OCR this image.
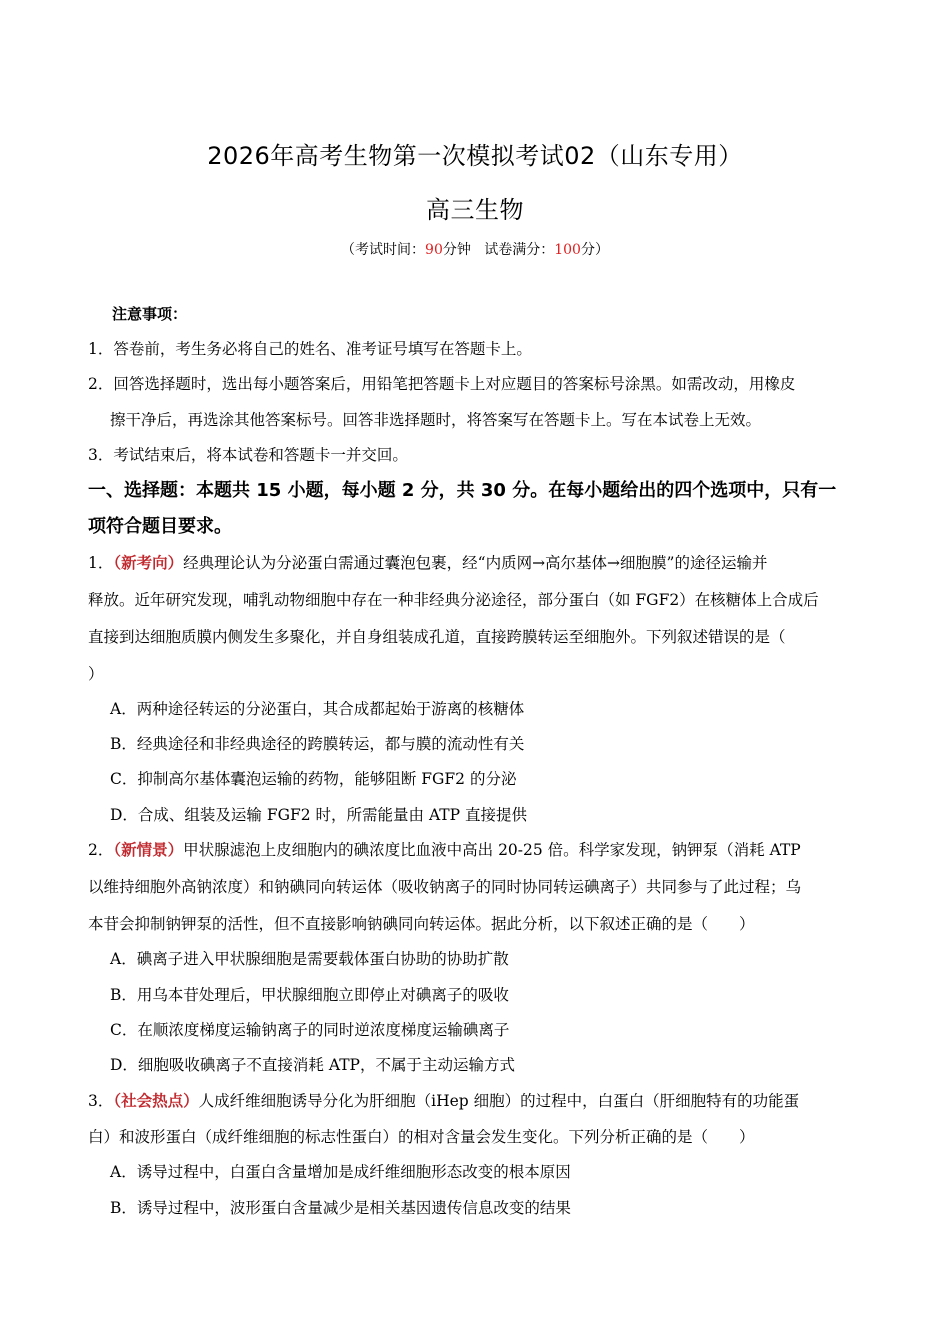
2026年高考生物第一次模拟考试02（山东专用）
高三生物
（考试时间：90分钟 试卷满分：100分）
注意事项：
1．答卷前，考生务必将自己的姓名、准考证号填写在答题卡上。
2．回答选择题时，选出每小题答案后，用铅笔把答题卡上对应题目的答案标号涂黑。如需改动，用橡皮
擦干净后，再选涂其他答案标号。回答非选择题时，将答案写在答题卡上。写在本试卷上无效。
3．考试结束后，将本试卷和答题卡一并交回。
一、选择题：本题共 15 小题，每小题 2 分，共 30 分。在每小题给出的四个选项中，只有一
项符合题目要求。
1．（新考向）经典理论认为分泌蛋白需通过囊泡包裹，经“内质网→高尔基体→细胞膜”的途径运输并
释放。近年研究发现，哺乳动物细胞中存在一种非经典分泌途径，部分蛋白（如 FGF2）在核糖体上合成后
直接到达细胞质膜内侧发生多聚化，并自身组装成孔道，直接跨膜转运至细胞外。下列叙述错误的是（
）
A．两种途径转运的分泌蛋白，其合成都起始于游离的核糖体
B．经典途径和非经典途径的跨膜转运，都与膜的流动性有关
C．抑制高尔基体囊泡运输的药物，能够阻断 FGF2 的分泌
D．合成、组装及运输 FGF2 时，所需能量由 ATP 直接提供
2．（新情景）甲状腺滤泡上皮细胞内的碘浓度比血液中高出 20-25 倍。科学家发现，钠钾泵（消耗 ATP
以维持细胞外高钠浓度）和钠碘同向转运体（吸收钠离子的同时协同转运碘离子）共同参与了此过程；乌
本苷会抑制钠钾泵的活性，但不直接影响钠碘同向转运体。据此分析，以下叙述正确的是（　　）
A．碘离子进入甲状腺细胞是需要载体蛋白协助的协助扩散
B．用乌本苷处理后，甲状腺细胞立即停止对碘离子的吸收
C．在顺浓度梯度运输钠离子的同时逆浓度梯度运输碘离子
D．细胞吸收碘离子不直接消耗 ATP，不属于主动运输方式
3．（社会热点）人成纤维细胞诱导分化为肝细胞（iHep 细胞）的过程中，白蛋白（肝细胞特有的功能蛋
白）和波形蛋白（成纤维细胞的标志性蛋白）的相对含量会发生变化。下列分析正确的是（　　）
A．诱导过程中，白蛋白含量增加是成纤维细胞形态改变的根本原因
B．诱导过程中，波形蛋白含量减少是相关基因遗传信息改变的结果
